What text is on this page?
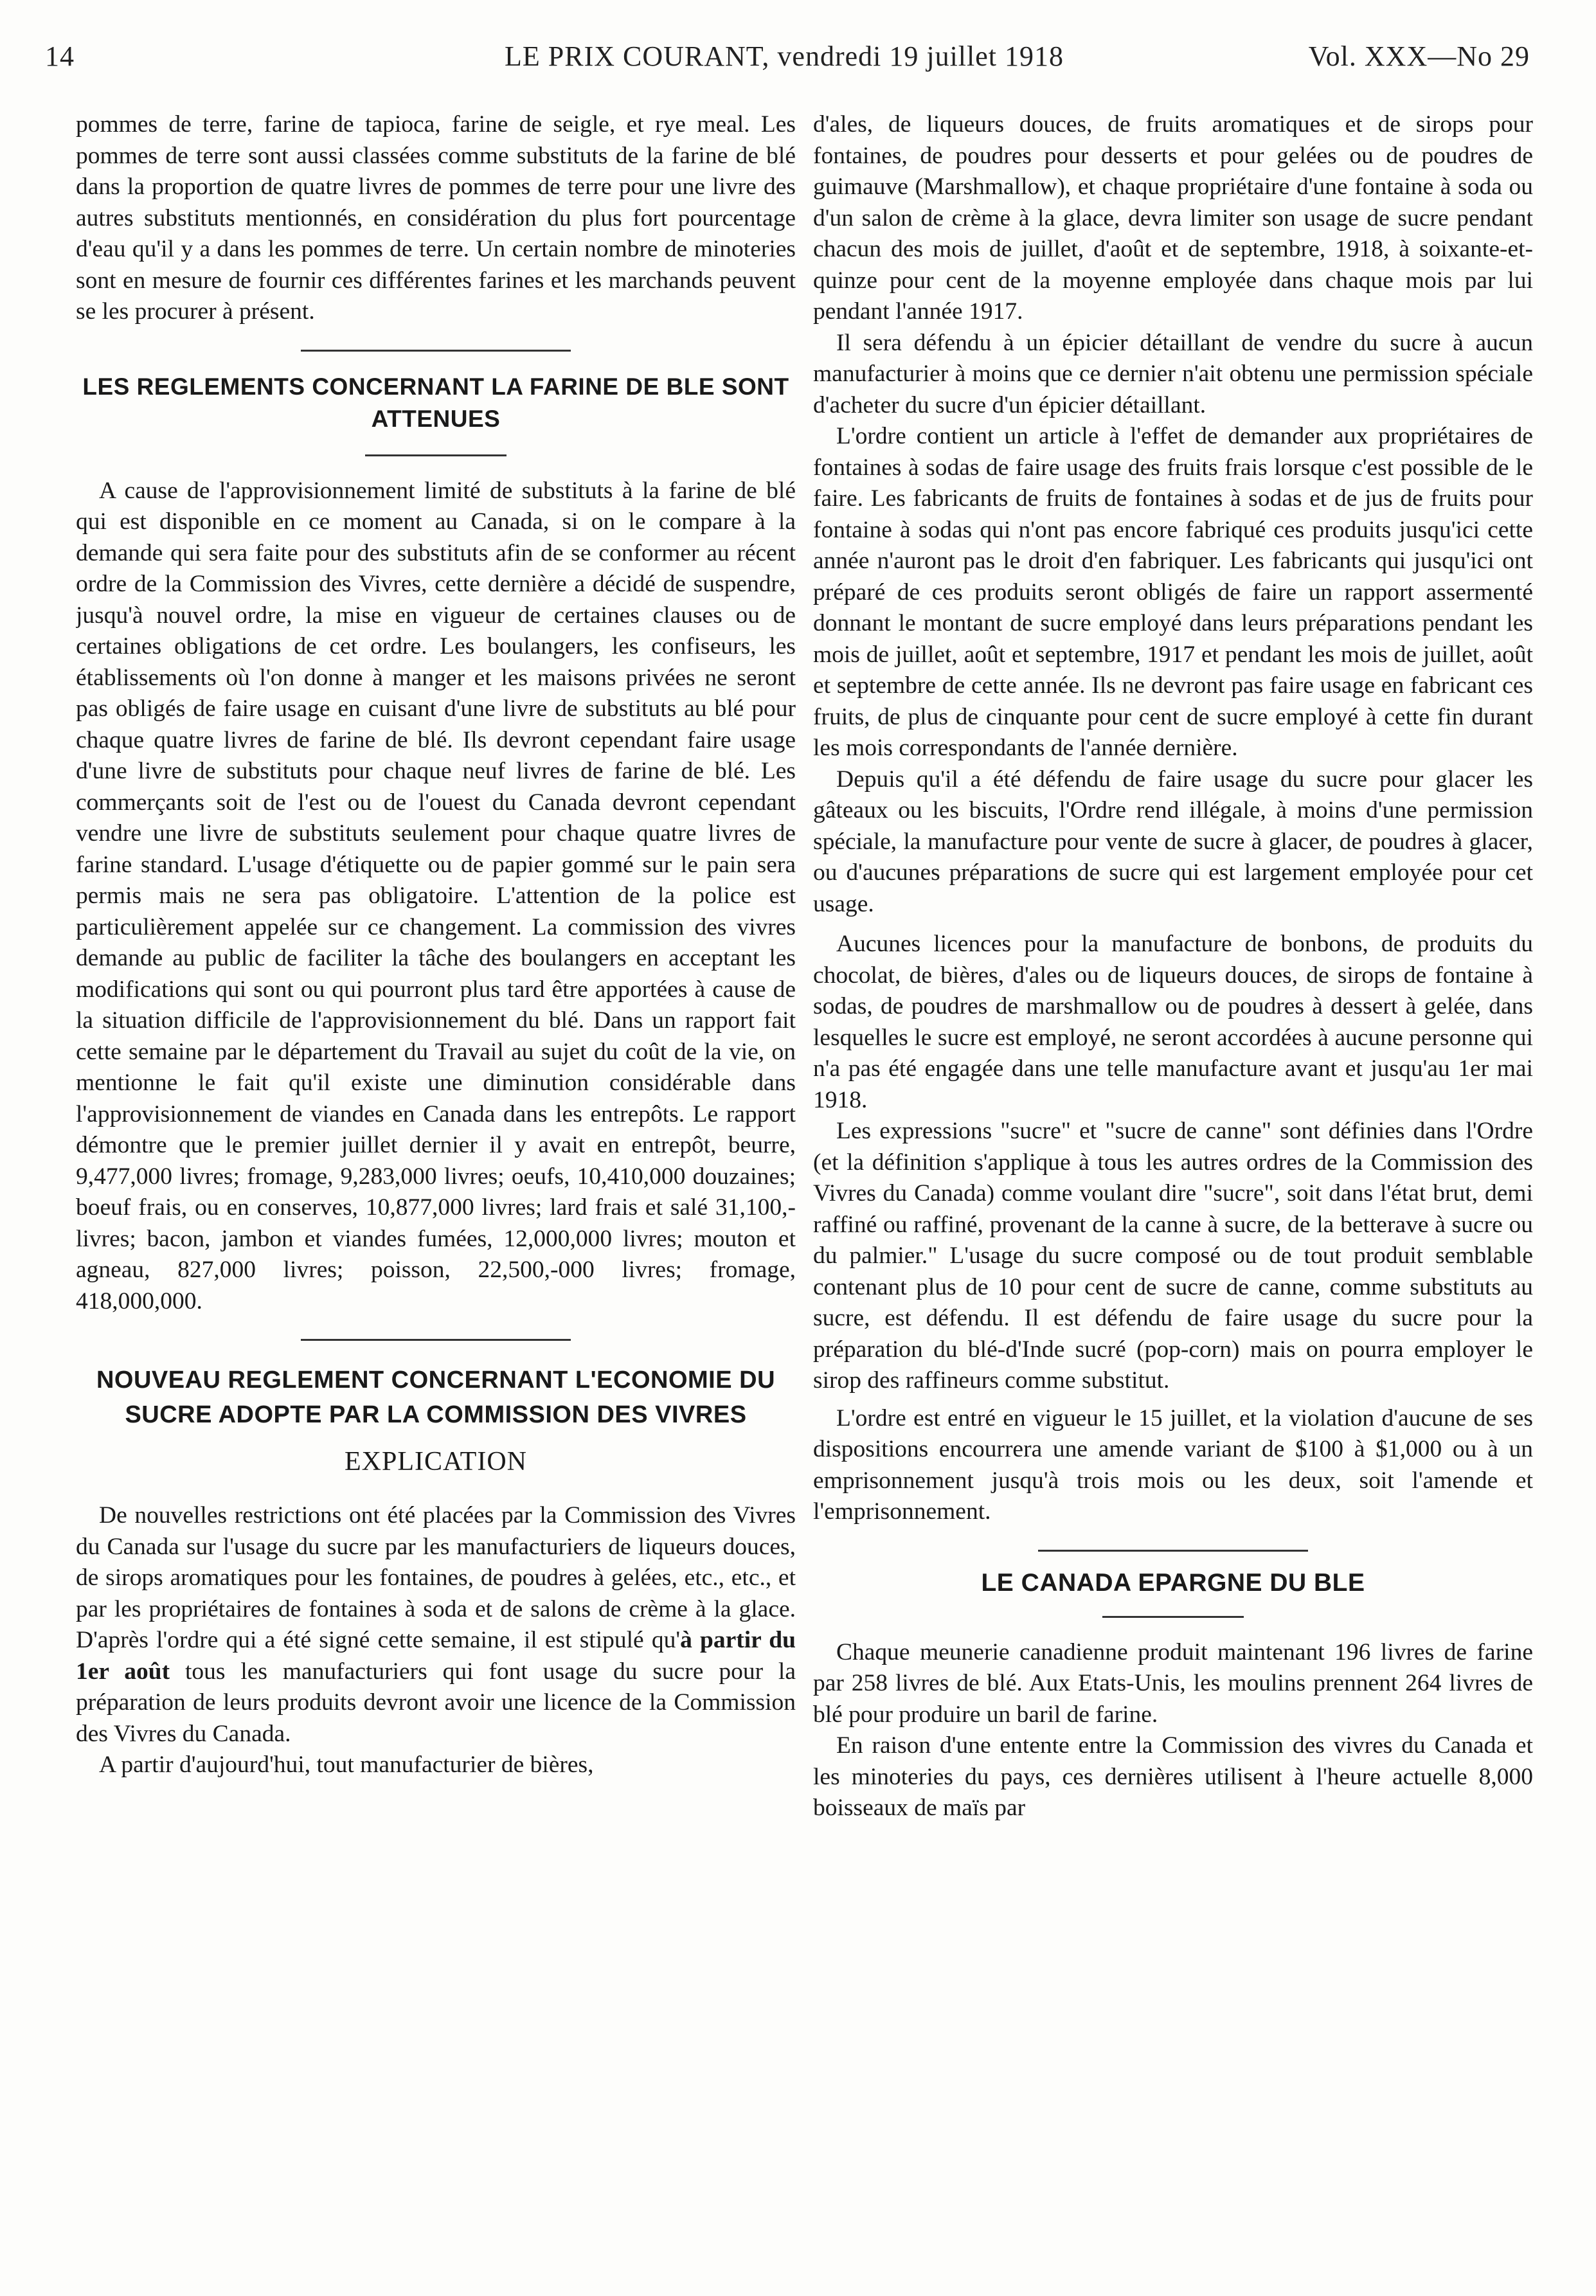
14	LE PRIX COURANT, vendredi 19 juillet 1918	Vol. XXX—No 29

pommes de terre, farine de tapioca, farine de seigle, et rye meal. Les pommes de terre sont aussi classées comme substituts de la farine de blé dans la proportion de quatre livres de pommes de terre pour une livre des autres substituts mentionnés, en considération du plus fort pourcentage d'eau qu'il y a dans les pommes de terre. Un certain nombre de minoteries sont en mesure de fournir ces différentes farines et les marchands peuvent se les procurer à présent.

LES REGLEMENTS CONCERNANT LA FARINE DE BLE SONT ATTENUES

A cause de l'approvisionnement limité de substituts à la farine de blé qui est disponible en ce moment au Canada, si on le compare à la demande qui sera faite pour des substituts afin de se conformer au récent ordre de la Commission des Vivres, cette dernière a décidé de suspendre, jusqu'à nouvel ordre, la mise en vigueur de certaines clauses ou de certaines obligations de cet ordre. Les boulangers, les confiseurs, les établissements où l'on donne à manger et les maisons privées ne seront pas obligés de faire usage en cuisant d'une livre de substituts au blé pour chaque quatre livres de farine de blé. Ils devront cependant faire usage d'une livre de substituts pour chaque neuf livres de farine de blé. Les commerçants soit de l'est ou de l'ouest du Canada devront cependant vendre une livre de substituts seulement pour chaque quatre livres de farine standard. L'usage d'étiquette ou de papier gommé sur le pain sera permis mais ne sera pas obligatoire. L'attention de la police est particulièrement appelée sur ce changement. La commission des vivres demande au public de faciliter la tâche des boulangers en acceptant les modifications qui sont ou qui pourront plus tard être apportées à cause de la situation difficile de l'approvisionnement du blé. Dans un rapport fait cette semaine par le département du Travail au sujet du coût de la vie, on mentionne le fait qu'il existe une diminution considérable dans l'approvisionnement de viandes en Canada dans les entrepôts. Le rapport démontre que le premier juillet dernier il y avait en entrepôt, beurre, 9,477,000 livres; fromage, 9,283,000 livres; oeufs, 10,410,000 douzaines; boeuf frais, ou en conserves, 10,877,000 livres; lard frais et salé 31,100,-livres; bacon, jambon et viandes fumées, 12,000,000 livres; mouton et agneau, 827,000 livres; poisson, 22,500,-000 livres; fromage, 418,000,000.

NOUVEAU REGLEMENT CONCERNANT L'ECONOMIE DU SUCRE ADOPTE PAR LA COMMISSION DES VIVRES
EXPLICATION

De nouvelles restrictions ont été placées par la Commission des Vivres du Canada sur l'usage du sucre par les manufacturiers de liqueurs douces, de sirops aromatiques pour les fontaines, de poudres à gelées, etc., etc., et par les propriétaires de fontaines à soda et de salons de crème à la glace. D'après l'ordre qui a été signé cette semaine, il est stipulé qu'à partir du 1er août tous les manufacturiers qui font usage du sucre pour la préparation de leurs produits devront avoir une licence de la Commission des Vivres du Canada.

A partir d'aujourd'hui, tout manufacturier de bières,

d'ales, de liqueurs douces, de fruits aromatiques et de sirops pour fontaines, de poudres pour desserts et pour gelées ou de poudres de guimauve (Marshmallow), et chaque propriétaire d'une fontaine à soda ou d'un salon de crème à la glace, devra limiter son usage de sucre pendant chacun des mois de juillet, d'août et de septembre, 1918, à soixante-et-quinze pour cent de la moyenne employée dans chaque mois par lui pendant l'année 1917.

Il sera défendu à un épicier détaillant de vendre du sucre à aucun manufacturier à moins que ce dernier n'ait obtenu une permission spéciale d'acheter du sucre d'un épicier détaillant.

L'ordre contient un article à l'effet de demander aux propriétaires de fontaines à sodas de faire usage des fruits frais lorsque c'est possible de le faire. Les fabricants de fruits de fontaines à sodas et de jus de fruits pour fontaine à sodas qui n'ont pas encore fabriqué ces produits jusqu'ici cette année n'auront pas le droit d'en fabriquer. Les fabricants qui jusqu'ici ont préparé de ces produits seront obligés de faire un rapport assermenté donnant le montant de sucre employé dans leurs préparations pendant les mois de juillet, août et septembre, 1917 et pendant les mois de juillet, août et septembre de cette année. Ils ne devront pas faire usage en fabricant ces fruits, de plus de cinquante pour cent de sucre employé à cette fin durant les mois correspondants de l'année dernière.

Depuis qu'il a été défendu de faire usage du sucre pour glacer les gâteaux ou les biscuits, l'Ordre rend illégale, à moins d'une permission spéciale, la manufacture pour vente de sucre à glacer, de poudres à glacer, ou d'aucunes préparations de sucre qui est largement employée pour cet usage.

Aucunes licences pour la manufacture de bonbons, de produits du chocolat, de bières, d'ales ou de liqueurs douces, de sirops de fontaine à sodas, de poudres de marshmallow ou de poudres à dessert à gelée, dans lesquelles le sucre est employé, ne seront accordées à aucune personne qui n'a pas été engagée dans une telle manufacture avant et jusqu'au 1er mai 1918.

Les expressions "sucre" et "sucre de canne" sont définies dans l'Ordre (et la définition s'applique à tous les autres ordres de la Commission des Vivres du Canada) comme voulant dire "sucre", soit dans l'état brut, demi raffiné ou raffiné, provenant de la canne à sucre, de la betterave à sucre ou du palmier." L'usage du sucre composé ou de tout produit semblable contenant plus de 10 pour cent de sucre de canne, comme substituts au sucre, est défendu. Il est défendu de faire usage du sucre pour la préparation du blé-d'Inde sucré (pop-corn) mais on pourra employer le sirop des raffineurs comme substitut.

L'ordre est entré en vigueur le 15 juillet, et la violation d'aucune de ses dispositions encourrera une amende variant de $100 à $1,000 ou à un emprisonnement jusqu'à trois mois ou les deux, soit l'amende et l'emprisonnement.

LE CANADA EPARGNE DU BLE

Chaque meunerie canadienne produit maintenant 196 livres de farine par 258 livres de blé. Aux Etats-Unis, les moulins prennent 264 livres de blé pour produire un baril de farine.

En raison d'une entente entre la Commission des vivres du Canada et les minoteries du pays, ces dernières utilisent à l'heure actuelle 8,000 boisseaux de maïs par
